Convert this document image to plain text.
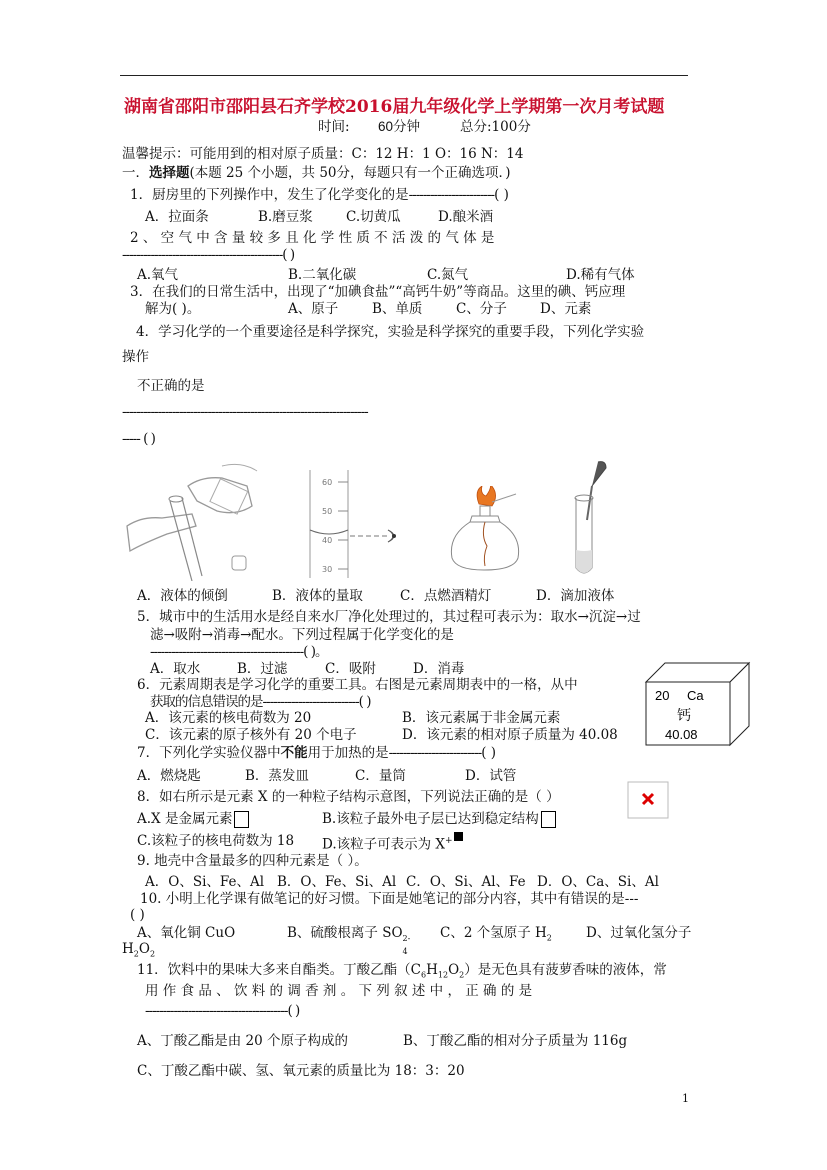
湖南省邵阳市邵阳县石齐学校2016届九年级化学上学期第一次月考试题
时间: 60分钟	总分:100分
温馨提示：可能用到的相对原子质量：C：12 H：1 O：16 N：14
一．选择题(本题 25 个小题，共 50分，每题只有一个正确选项．)
1．厨房里的下列操作中，发生了化学变化的是------------------------( )
A．拉面条	B.磨豆浆 C.切黄瓜	D.酿米酒
2 、 空 气 中 含 量 较 多 且 化 学 性 质 不 活 泼 的 气 体 是
---------------------------------------------( )
A.氧气	B.二氧化碳	C.氮气	D.稀有气体
3．在我们的日常生活中，出现了“加碘食盐”“高钙牛奶”等商品。这里的碘、钙应理
解为( )。	A、原子	B、单质 C、分子 D、元素
4．学习化学的一个重要途径是科学探究，实验是科学探究的重要手段，下列化学实验
操作
不正确的是
---------------------------------------------------------------------
----- ( )
60
50
40
30
A．液体的倾倒	B．液体的量取	C．点燃酒精灯	D．滴加液体
5．城市中的生活用水是经自来水厂净化处理过的，其过程可表示为：取水→沉淀→过
滤→吸附→消毒→配水。下列过程属于化学变化的是
-------------------------------------------( )。
A．取水	B．过滤	C．吸附	D．消毒
20 Ca
钙
40.08
6．元素周期表是学习化学的重要工具。右图是元素周期表中的一格，从中
获取的信息错误的是---------------------------( )
A．该元素的核电荷数为 20	B．该元素属于非金属元素
C．该元素的原子核外有 20 个电子	D．该元素的相对原子质量为 40.08
7．下列化学实验仪器中不能用于加热的是--------------------------( )
A．燃烧匙	B．蒸发皿	C．量筒	D．试管
8．如右所示是元素 X 的一种粒子结构示意图，下列说法正确的是（ ）
A.X 是金属元素	B.该粒子最外电子层已达到稳定结构
C.该粒子的核电荷数为 18 D.该粒子可表示为 X+
9. 地壳中含量最多的四种元素是（ ）。
A．O、Si、Fe、Al B．O、Fe、Si、Al C．O、Si、Al、Fe D．O、Ca、Si、Al
10. 小明上化学课有做笔记的好习惯。下面是她笔记的部分内容，其中有错误的是---
( )
A、氧化铜 CuO	B、硫酸根离子 SO 2-
4
C、2 个氢原子 $H_2$	D、过氧化氢分子
$H_2O_2$
11．饮料中的果味大多来自酯类。丁酸乙酯$(C_6H_{12}O_2)$是无色具有菠萝香味的液体，常
用 作 食 品 、 饮 料 的 调 香 剂 。 下 列 叙 述 中 ， 正 确 的 是
----------------------------------------( )
A、丁酸乙酯是由 20 个原子构成的	B、丁酸乙酯的相对分子质量为 116g
C、丁酸乙酯中碳、氢、氧元素的质量比为 18：3：20
1
